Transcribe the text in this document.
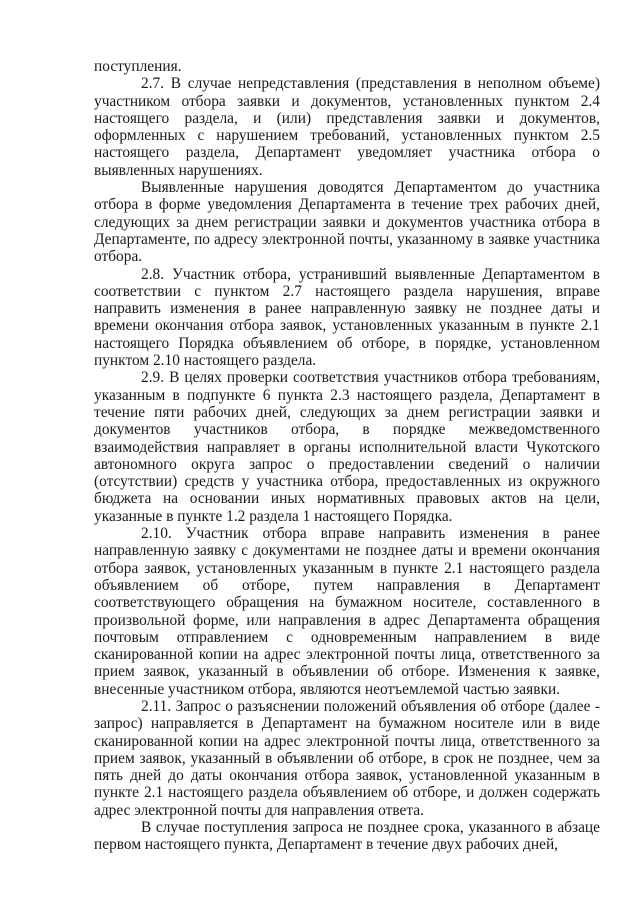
поступления.

2.7. В случае непредставления (представления в неполном объеме) участником отбора заявки и документов, установленных пунктом 2.4 настоящего раздела, и (или) представления заявки и документов, оформленных с нарушением требований, установленных пунктом 2.5 настоящего раздела, Департамент уведомляет участника отбора о выявленных нарушениях.

Выявленные нарушения доводятся Департаментом до участника отбора в форме уведомления Департамента в течение трех рабочих дней, следующих за днем регистрации заявки и документов участника отбора в Департаменте, по адресу электронной почты, указанному в заявке участника отбора.

2.8. Участник отбора, устранивший выявленные Департаментом в соответствии с пунктом 2.7 настоящего раздела нарушения, вправе направить изменения в ранее направленную заявку не позднее даты и времени окончания отбора заявок, установленных указанным в пункте 2.1 настоящего Порядка объявлением об отборе, в порядке, установленном пунктом 2.10 настоящего раздела.

2.9. В целях проверки соответствия участников отбора требованиям, указанным в подпункте 6 пункта 2.3 настоящего раздела, Департамент в течение пяти рабочих дней, следующих за днем регистрации заявки и документов участников отбора, в порядке межведомственного взаимодействия направляет в органы исполнительной власти Чукотского автономного округа запрос о предоставлении сведений о наличии (отсутствии) средств у участника отбора, предоставленных из окружного бюджета на основании иных нормативных правовых актов на цели, указанные в пункте 1.2 раздела 1 настоящего Порядка.

2.10. Участник отбора вправе направить изменения в ранее направленную заявку с документами не позднее даты и времени окончания отбора заявок, установленных указанным в пункте 2.1 настоящего раздела объявлением об отборе, путем направления в Департамент соответствующего обращения на бумажном носителе, составленного в произвольной форме, или направления в адрес Департамента обращения почтовым отправлением с одновременным направлением в виде сканированной копии на адрес электронной почты лица, ответственного за прием заявок, указанный в объявлении об отборе. Изменения к заявке, внесенные участником отбора, являются неотъемлемой частью заявки.

2.11. Запрос о разъяснении положений объявления об отборе (далее - запрос) направляется в Департамент на бумажном носителе или в виде сканированной копии на адрес электронной почты лица, ответственного за прием заявок, указанный в объявлении об отборе, в срок не позднее, чем за пять дней до даты окончания отбора заявок, установленной указанным в пункте 2.1 настоящего раздела объявлением об отборе, и должен содержать адрес электронной почты для направления ответа.

В случае поступления запроса не позднее срока, указанного в абзаце первом настоящего пункта, Департамент в течение двух рабочих дней,
